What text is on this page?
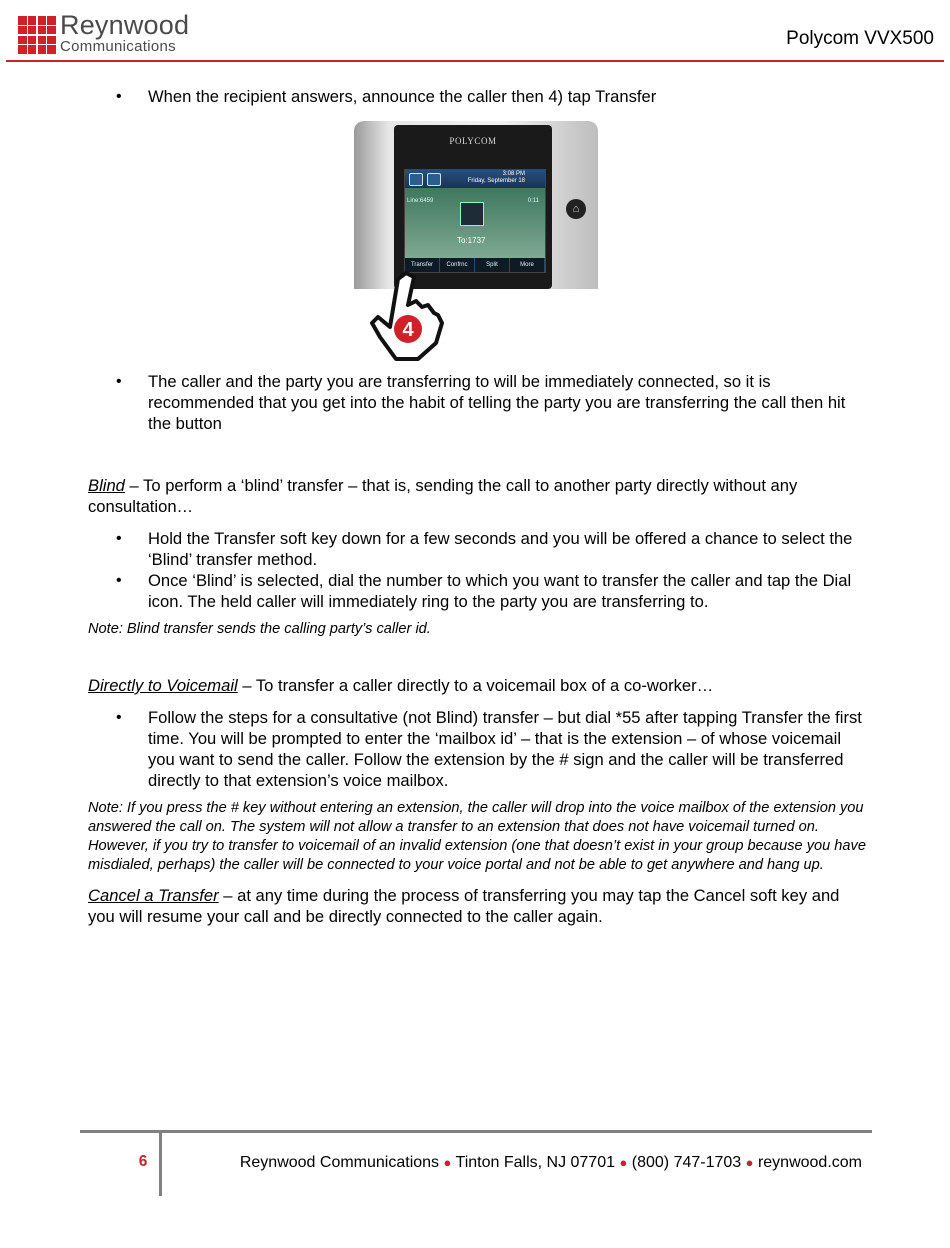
Reynwood
Communications	Polycom VVX500
• When the recipient answers, announce the caller then 4) tap Transfer
POLYCOM
3:08 PM
Friday, September 18
Line:6459	0:11
To:1737
Transfer	Confrnc	Split	More
⌂
4
• The caller and the party you are transferring to will be immediately connected, so it is recommended that you get into the habit of telling the party you are transferring the call then hit the button

Blind – To perform a ‘blind’ transfer – that is, sending the call to another party directly without any consultation…

• Hold the Transfer soft key down for a few seconds and you will be offered a chance to select the ‘Blind’ transfer method.
• Once ‘Blind’ is selected, dial the number to which you want to transfer the caller and tap the Dial icon. The held caller will immediately ring to the party you are transferring to.

Note: Blind transfer sends the calling party’s caller id.

Directly to Voicemail – To transfer a caller directly to a voicemail box of a co-worker…

• Follow the steps for a consultative (not Blind) transfer – but dial *55 after tapping Transfer the first time. You will be prompted to enter the ‘mailbox id’ – that is the extension – of whose voicemail you want to send the caller. Follow the extension by the # sign and the caller will be transferred directly to that extension’s voice mailbox.

Note: If you press the # key without entering an extension, the caller will drop into the voice mailbox of the extension you answered the call on. The system will not allow a transfer to an extension that does not have voicemail turned on. However, if you try to transfer to voicemail of an invalid extension (one that doesn’t exist in your group because you have misdialed, perhaps) the caller will be connected to your voice portal and not be able to get anywhere and hang up.

Cancel a Transfer – at any time during the process of transferring you may tap the Cancel soft key and you will resume your call and be directly connected to the caller again.

6	Reynwood Communications ● Tinton Falls, NJ 07701 ● (800) 747-1703 ● reynwood.com
